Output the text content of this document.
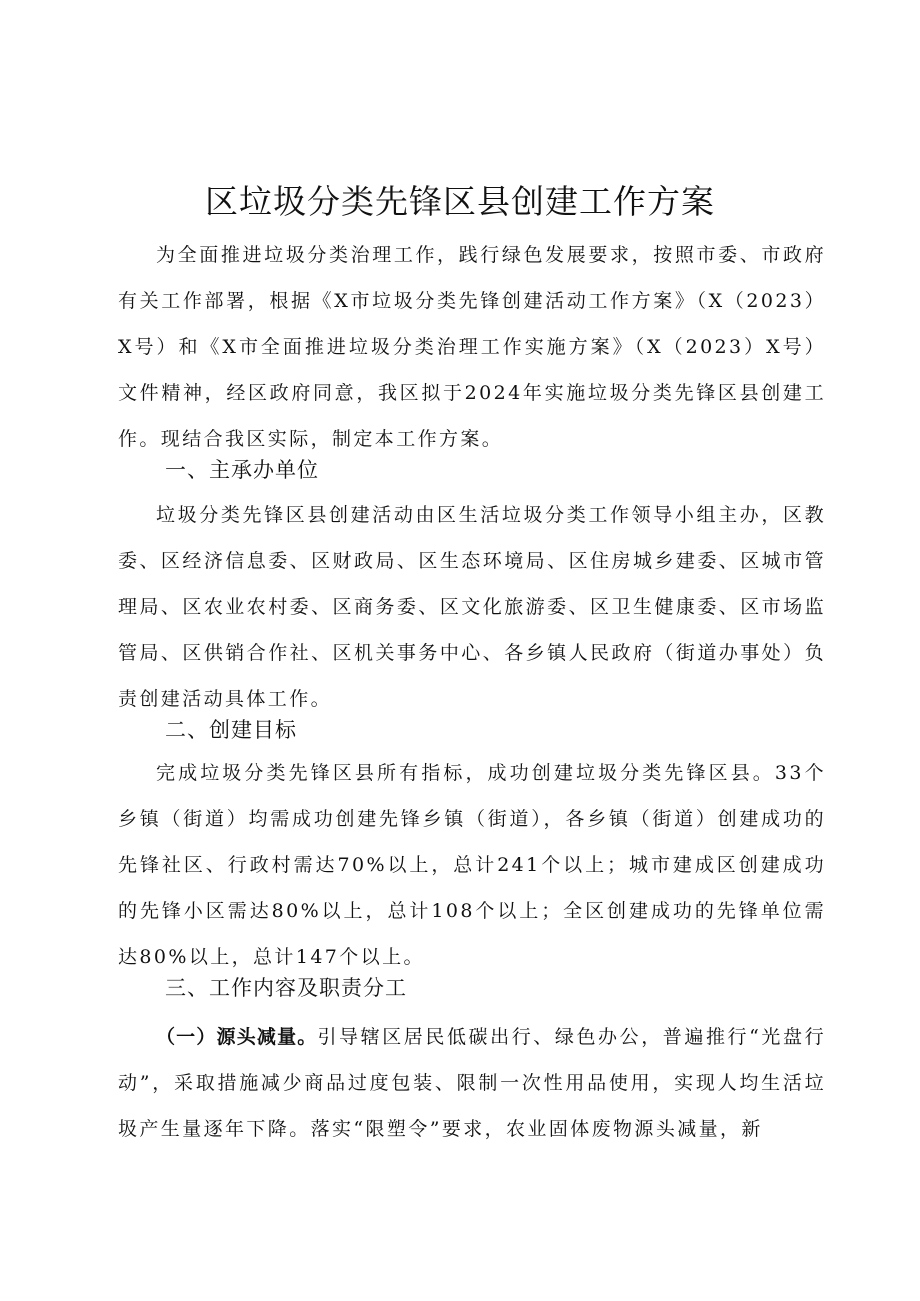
区垃圾分类先锋区县创建工作方案

为全面推进垃圾分类治理工作，践行绿色发展要求，按照市委、市政府有关工作部署，根据《X市垃圾分类先锋创建活动工作方案》（X（2023）X号）和《X市全面推进垃圾分类治理工作实施方案》（X（2023）X号）文件精神，经区政府同意，我区拟于2024年实施垃圾分类先锋区县创建工作。现结合我区实际，制定本工作方案。

一、主承办单位

垃圾分类先锋区县创建活动由区生活垃圾分类工作领导小组主办，区教委、区经济信息委、区财政局、区生态环境局、区住房城乡建委、区城市管理局、区农业农村委、区商务委、区文化旅游委、区卫生健康委、区市场监管局、区供销合作社、区机关事务中心、各乡镇人民政府（街道办事处）负责创建活动具体工作。

二、创建目标

完成垃圾分类先锋区县所有指标，成功创建垃圾分类先锋区县。33个乡镇（街道）均需成功创建先锋乡镇（街道），各乡镇（街道）创建成功的先锋社区、行政村需达70%以上，总计241个以上；城市建成区创建成功的先锋小区需达80%以上，总计108个以上；全区创建成功的先锋单位需达80%以上，总计147个以上。

三、工作内容及职责分工

（一）源头减量。引导辖区居民低碳出行、绿色办公，普遍推行“光盘行动”，采取措施减少商品过度包装、限制一次性用品使用，实现人均生活垃圾产生量逐年下降。落实“限塑令”要求，农业固体废物源头减量，新
